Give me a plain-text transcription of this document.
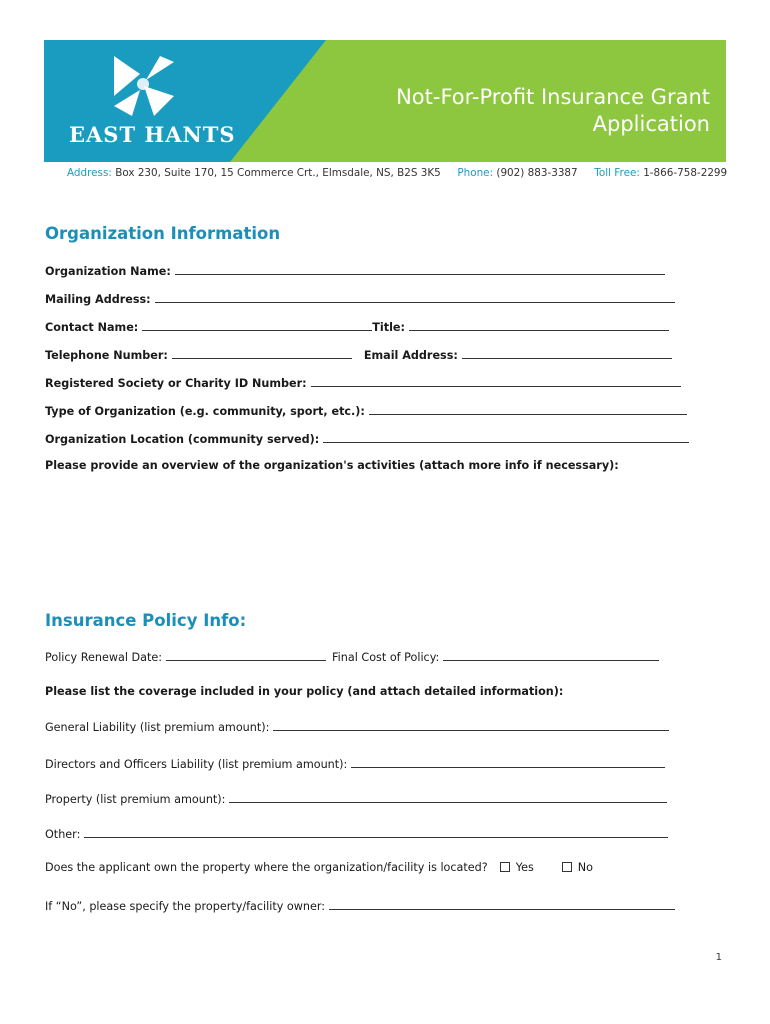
EAST HANTS
Not-For-Profit Insurance Grant
Application
Address: Box 230, Suite 170, 15 Commerce Crt., Elmsdale, NS, B2S 3K5 Phone: (902) 883-3387 Toll Free: 1-866-758-2299
Organization Information
Organization Name:
Mailing Address:
Contact Name:	Title:
Telephone Number:	Email Address:
Registered Society or Charity ID Number:
Type of Organization (e.g. community, sport, etc.):
Organization Location (community served):
Please provide an overview of the organization's activities (attach more info if necessary):
Insurance Policy Info:
Policy Renewal Date:	Final Cost of Policy:
Please list the coverage included in your policy (and attach detailed information):
General Liability (list premium amount):
Directors and Officers Liability (list premium amount):
Property (list premium amount):
Other:
Does the applicant own the property where the organization/facility is located?	Yes	No
If “No”, please specify the property/facility owner:
1
